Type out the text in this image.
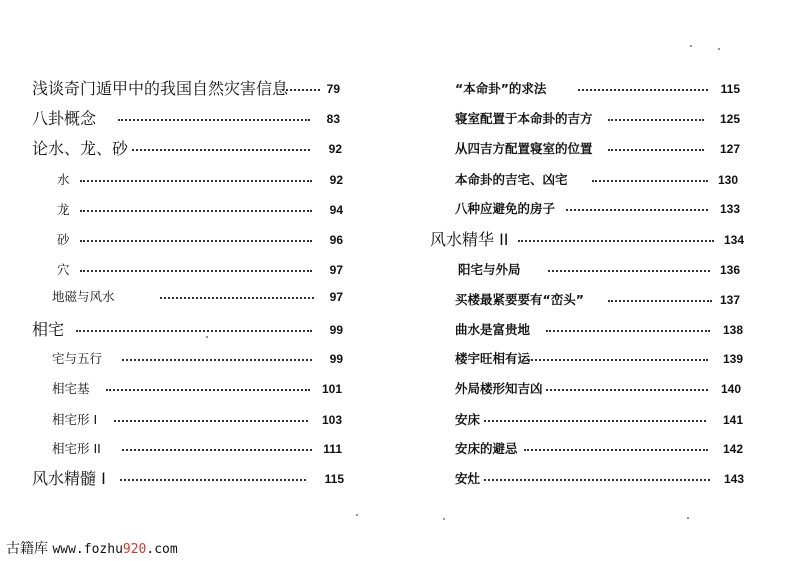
浅谈奇门遁甲中的我国自然灾害信息	79
八卦概念	83
论水、龙、砂	92
水	92
龙	94
砂	96
穴	97
地磁与风水	97
相宅	99
宅与五行	99
相宅基	101
相宅形 I	103
相宅形 II	111
风水精髓 I	115
“本命卦”的求法	115
寝室配置于本命卦的吉方	125
从四吉方配置寝室的位置	127
本命卦的吉宅、凶宅	130
八种应避免的房子	133
风水精华 II	134
阳宅与外局	136
买楼最紧要要有“峦头”	137
曲水是富贵地	138
楼宇旺相有运	139
外局楼形知吉凶	140
安床	141
安床的避忌	142
安灶	143
古籍库 www.fozhu920.com
